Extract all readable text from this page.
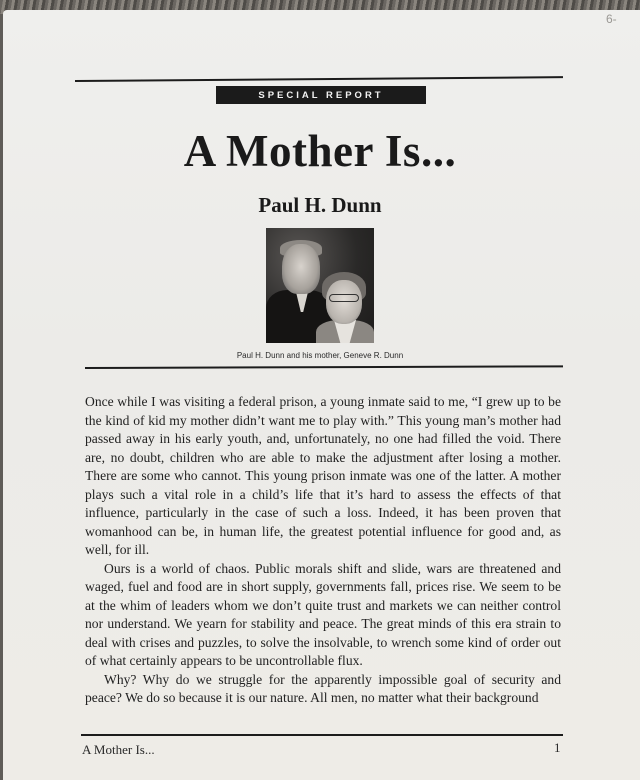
6-
SPECIAL REPORT
A Mother Is...
Paul H. Dunn
Paul H. Dunn and his mother, Geneve R. Dunn

Once while I was visiting a federal prison, a young inmate said to me, “I grew up to be the kind of kid my mother didn’t want me to play with.” This young man’s mother had passed away in his early youth, and, unfortunately, no one had filled the void. There are, no doubt, children who are able to make the adjustment after losing a mother. There are some who cannot. This young prison inmate was one of the latter. A mother plays such a vital role in a child’s life that it’s hard to assess the effects of that influence, particularly in the case of such a loss. Indeed, it has been proven that womanhood can be, in human life, the greatest potential influence for good and, as well, for ill.

Ours is a world of chaos. Public morals shift and slide, wars are threatened and waged, fuel and food are in short supply, governments fall, prices rise. We seem to be at the whim of leaders whom we don’t quite trust and markets we can neither control nor understand. We yearn for stability and peace. The great minds of this era strain to deal with crises and puzzles, to solve the insolvable, to wrench some kind of order out of what certainly appears to be uncontrollable flux.

Why? Why do we struggle for the apparently impossible goal of security and peace? We do so because it is our nature. All men, no matter what their background

A Mother Is...	1
